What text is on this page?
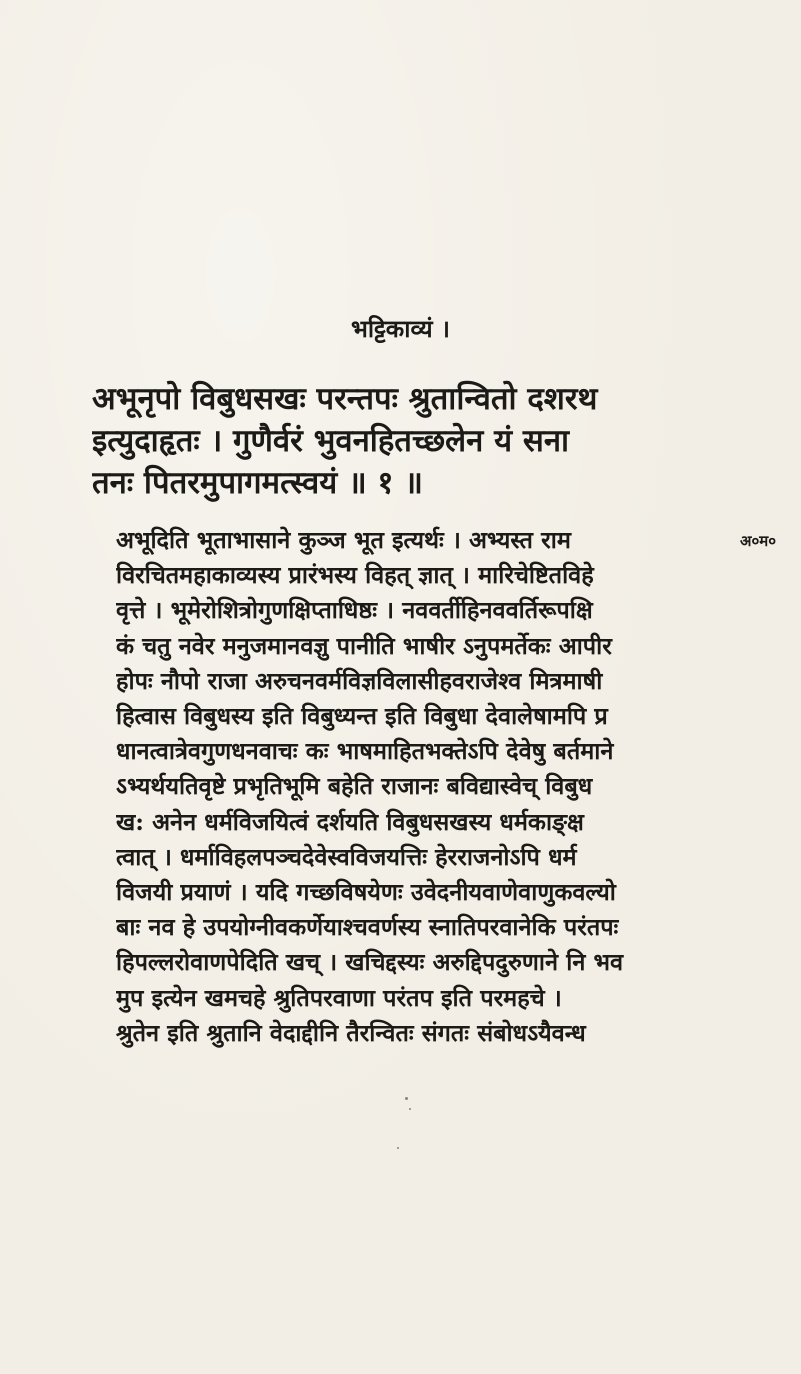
भट्टिकाव्यं ।
अभूनृपो विबुधसखः परन्तपः श्रुतान्वितो दशरथ
इत्युदाहृतः । गुणैर्वरं भुवनहितच्छलेन यं सना
तनः पितरमुपागमत्स्वयं ॥ १ ॥
अ०म०
अभूदिति भूताभासाने कुञ्ज भूत इत्यर्थः । अभ्यस्त राम
विरचितमहाकाव्यस्य प्रारंभस्य विहत् ज्ञात् । मारिचेष्टितविहे
वृत्ते । भूमेरोशित्रोगुणक्षिप्ताधिष्ठः । नववर्तीहिनववर्तिरूपक्षि
कं चतु नवेर मनुजमानवज्ञु पानीति भाषीर ऽनुपमर्तेकः आपीर
होपः नौपो राजा अरुचनवर्मविज्ञविलासीहवराजेश्व मित्रमाषी
हित्वास विबुधस्य इति विबुध्यन्त इति विबुधा देवालेषामपि प्र
धानत्वात्रेवगुणधनवाचः कः भाषमाहितभक्तेऽपि देवेषु बर्तमाने
ऽभ्यर्थयतिवृष्टे प्रभृतिभूमि बहेति राजानः बविद्यास्वेच् विबुध
ख: अनेन धर्मविजयित्वं दर्शयति विबुधसखस्य धर्मकाङ्क्ष
त्वात् । धर्माविहलपञ्चदेवेस्वविजयत्तिः हेरराजनोऽपि धर्म
विजयी प्रयाणं । यदि गच्छविषयेणः उवेदनीयवाणेवाणुकवल्यो
बाः नव हे उपयोग्नीवकर्णेयाश्चवर्णस्य स्नातिपरवानेकि परंतपः
हिपल्लरोवाणपेदिति खच् । खचिद्दस्यः अरुद्दिपदुरुणाने नि भव
मुप इत्येन खमचहे श्रुतिपरवाणा परंतप इति परमहचे ।
श्रुतेन इति श्रुतानि वेदाद्दीनि तैरन्वितः संगतः संबोधऽयैवन्ध
